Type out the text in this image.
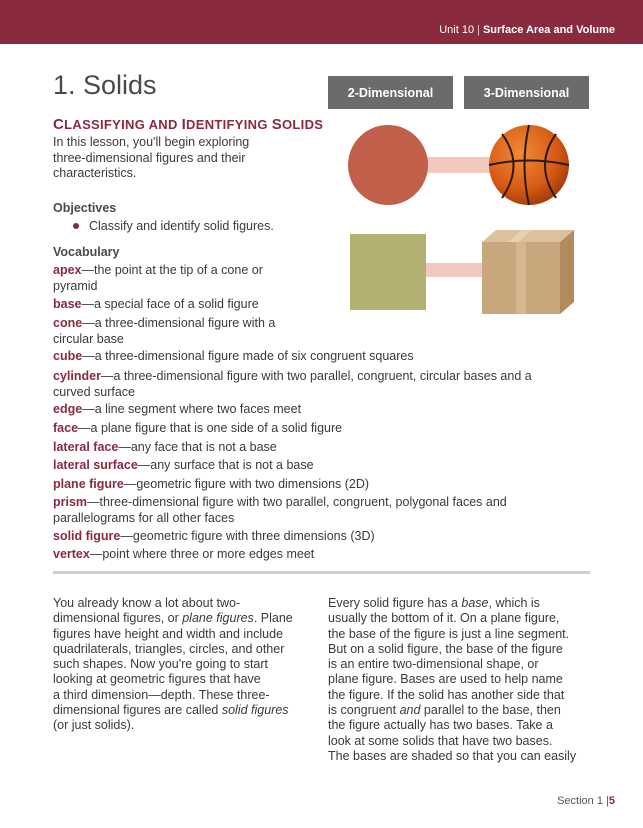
Unit 10 | Surface Area and Volume
1. Solids	2-Dimensional	3-Dimensional
CLASSIFYING AND IDENTIFYING SOLIDS
In this lesson, you'll begin exploring
three-dimensional figures and their
characteristics.
Objectives
Classify and identify solid figures.
Vocabulary
apex—the point at the tip of a cone or
pyramid
base—a special face of a solid figure
cone—a three-dimensional figure with a
circular base
cube—a three-dimensional figure made of six congruent squares
cylinder—a three-dimensional figure with two parallel, congruent, circular bases and a
curved surface
edge—a line segment where two faces meet
face—a plane figure that is one side of a solid figure
lateral face—any face that is not a base
lateral surface—any surface that is not a base
plane figure—geometric figure with two dimensions (2D)
prism—three-dimensional figure with two parallel, congruent, polygonal faces and
parallelograms for all other faces
solid figure—geometric figure with three dimensions (3D)
vertex—point where three or more edges meet
You already know a lot about two-
dimensional figures, or plane figures. Plane
figures have height and width and include
quadrilaterals, triangles, circles, and other
such shapes. Now you're going to start
looking at geometric figures that have
a third dimension—depth. These three-
dimensional figures are called solid figures
(or just solids).
Every solid figure has a base, which is
usually the bottom of it. On a plane figure,
the base of the figure is just a line segment.
But on a solid figure, the base of the figure
is an entire two-dimensional shape, or
plane figure. Bases are used to help name
the figure. If the solid has another side that
is congruent and parallel to the base, then
the figure actually has two bases. Take a
look at some solids that have two bases.
The bases are shaded so that you can easily
Section 1 |5
